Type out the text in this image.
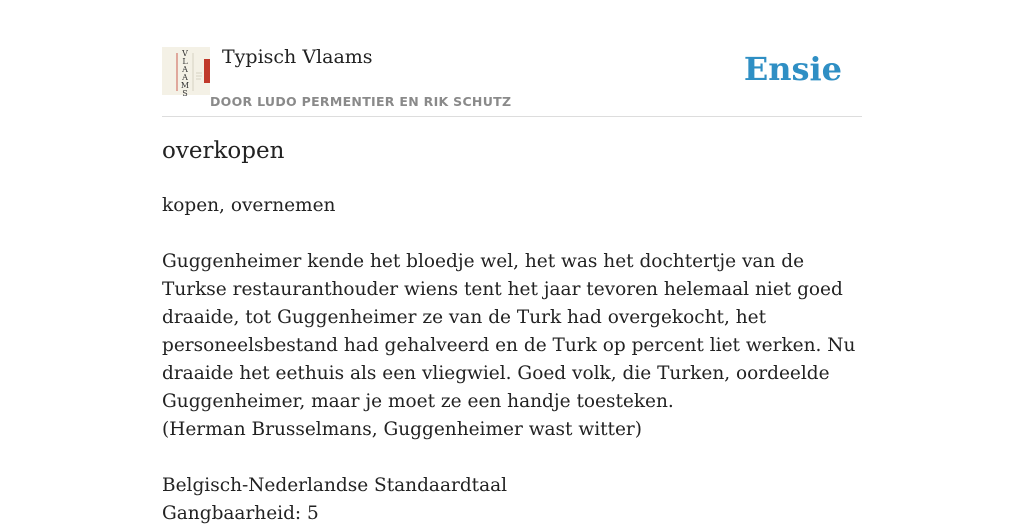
V L A A M S
Typisch Vlaams
DOOR LUDO PERMENTIER EN RIK SCHUTZ
Ensie
overkopen

kopen, overnemen

Guggenheimer kende het bloedje wel, het was het dochtertje van de Turkse restauranthouder wiens tent het jaar tevoren helemaal niet goed draaide, tot Guggenheimer ze van de Turk had overgekocht, het personeelsbestand had gehalveerd en de Turk op percent liet werken. Nu draaide het eethuis als een vliegwiel. Goed volk, die Turken, oordeelde Guggenheimer, maar je moet ze een handje toesteken.

(Herman Brusselmans, Guggenheimer wast witter)

Belgisch-Nederlandse Standaardtaal

Gangbaarheid: 5
